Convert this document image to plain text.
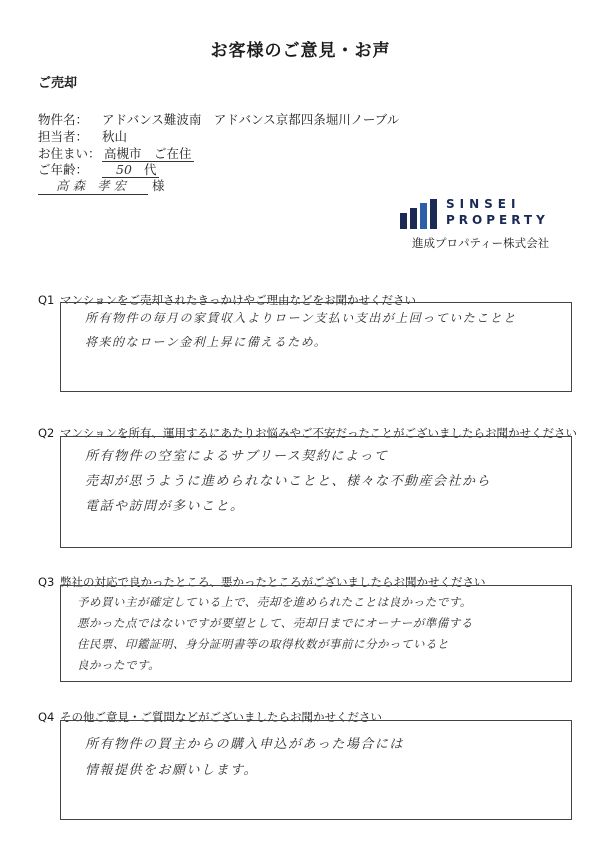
お客様のご意見・お声
ご売却
物件名： アドバンス難波南　アドバンス京都四条堀川ノーブル
担当者： 秋山
お住まい： 高槻市　ご在住
ご年齢： 50 代
高森 孝宏 様
SINSEI
PROPERTY
進成プロパティー株式会社
Q1 マンションをご売却されたきっかけやご理由などをお聞かせください
所有物件の毎月の家賃収入よりローン支払い支出が上回っていたことと
将来的なローン金利上昇に備えるため。
Q2 マンションを所有、運用するにあたりお悩みやご不安だったことがございましたらお聞かせください
所有物件の空室によるサブリース契約によって
売却が思うように進められないことと、様々な不動産会社から
電話や訪問が多いこと。
Q3 弊社の対応で良かったところ、悪かったところがございましたらお聞かせください
予め買い主が確定している上で、売却を進められたことは良かったです。
悪かった点ではないですが要望として、売却日までにオーナーが準備する
住民票、印鑑証明、身分証明書等の取得枚数が事前に分かっていると
良かったです。
Q4 その他ご意見・ご質問などがございましたらお聞かせください
所有物件の買主からの購入申込があった場合には
情報提供をお願いします。
